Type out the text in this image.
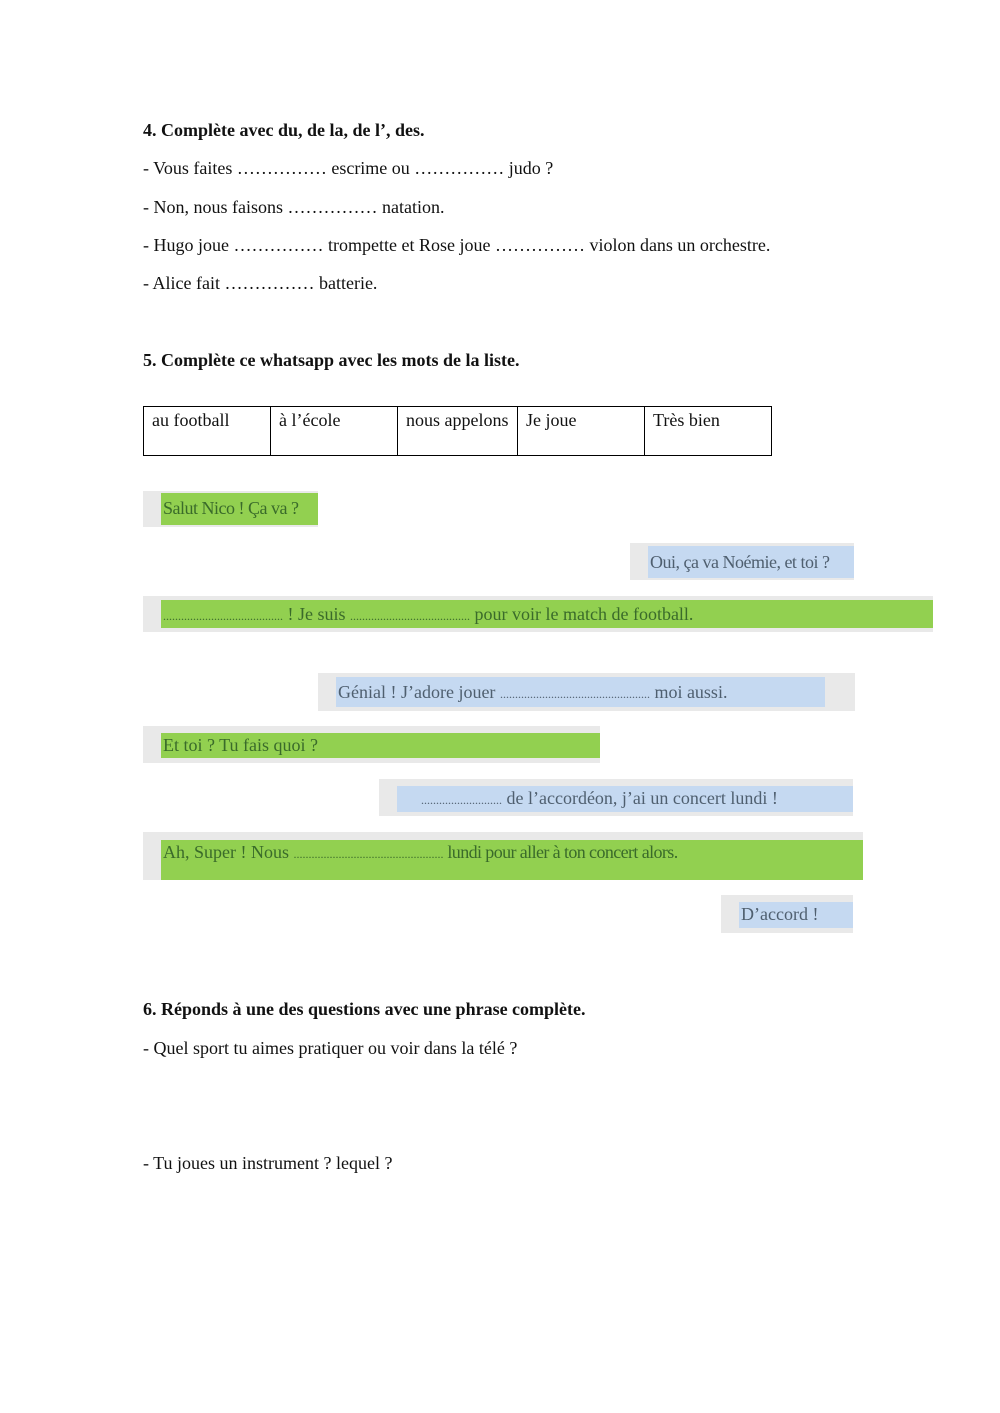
4. Complète avec du, de la, de l’, des.
- Vous faites …………… escrime ou …………… judo ?
- Non, nous faisons …………… natation.
- Hugo joue …………… trompette et Rose joue …………… violon dans un orchestre.
- Alice fait …………… batterie.
5. Complète ce whatsapp avec les mots de la liste.
au football	à l’école	nous appelons	Je joue	Très bien
Salut Nico ! Ça va ?
Oui, ça va Noémie, et toi ?
........................................ ! Je suis ........................................ pour voir le match de football.
Génial ! J’adore jouer .................................................. moi aussi.
Et toi ? Tu fais quoi ?
........................... de l’accordéon, j’ai un concert lundi !
Ah, Super ! Nous .................................................. lundi pour aller à ton concert alors.
D’accord !
6. Réponds à une des questions avec une phrase complète.
- Quel sport tu aimes pratiquer ou voir dans la télé ?
- Tu joues un instrument ? lequel ?
